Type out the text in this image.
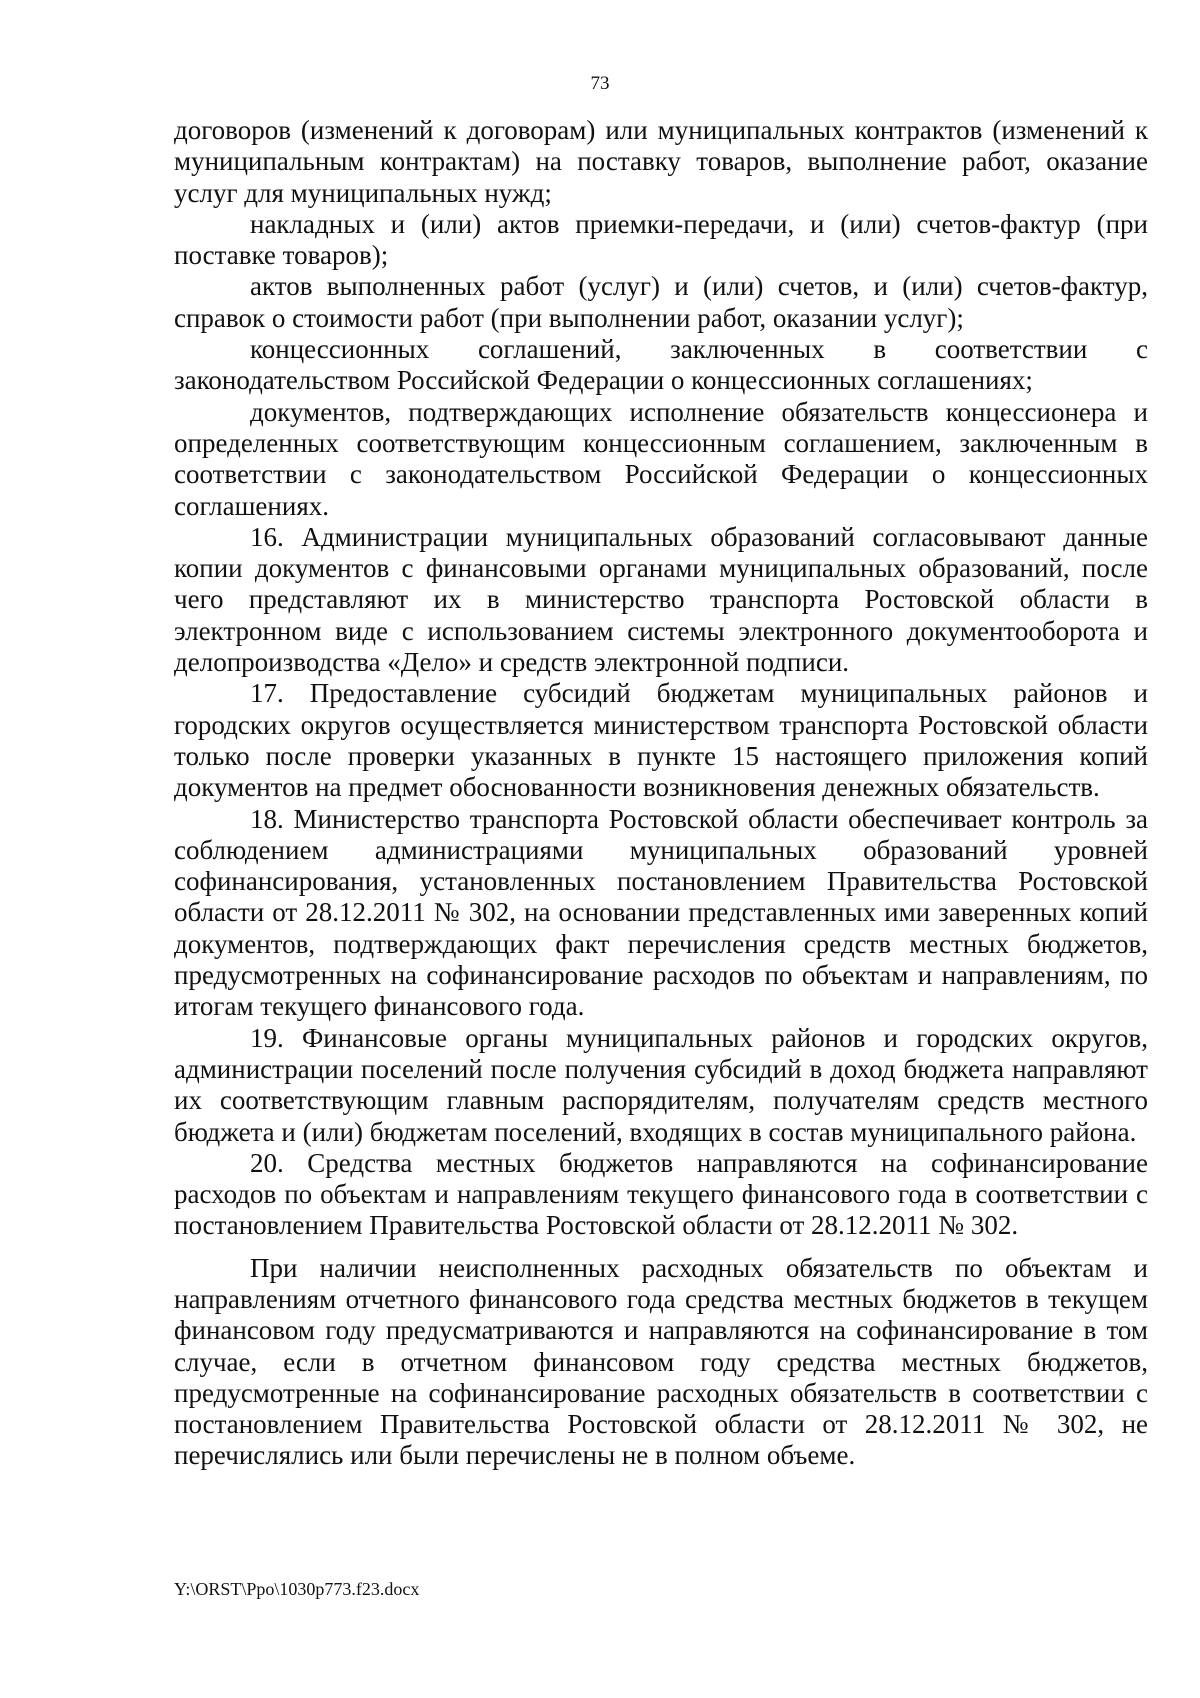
73

договоров (изменений к договорам) или муниципальных контрактов (изменений к муниципальным контрактам) на поставку товаров, выполнение работ, оказание услуг для муниципальных нужд;

накладных и (или) актов приемки-передачи, и (или) счетов-фактур (при поставке товаров);

актов выполненных работ (услуг) и (или) счетов, и (или) счетов-фактур, справок о стоимости работ (при выполнении работ, оказании услуг);

концессионных соглашений, заключенных в соответствии с законодательством Российской Федерации о концессионных соглашениях;

документов, подтверждающих исполнение обязательств концессионера и определенных соответствующим концессионным соглашением, заключенным в соответствии с законодательством Российской Федерации о концессионных соглашениях.

16. Администрации муниципальных образований согласовывают данные копии документов с финансовыми органами муниципальных образований, после чего представляют их в министерство транспорта Ростовской области в электронном виде с использованием системы электронного документооборота и делопроизводства «Дело» и средств электронной подписи.

17. Предоставление субсидий бюджетам муниципальных районов и городских округов осуществляется министерством транспорта Ростовской области только после проверки указанных в пункте 15 настоящего приложения копий документов на предмет обоснованности возникновения денежных обязательств.

18. Министерство транспорта Ростовской области обеспечивает контроль за соблюдением администрациями муниципальных образований уровней софинансирования, установленных постановлением Правительства Ростовской области от 28.12.2011 № 302, на основании представленных ими заверенных копий документов, подтверждающих факт перечисления средств местных бюджетов, предусмотренных на софинансирование расходов по объектам и направлениям, по итогам текущего финансового года.

19. Финансовые органы муниципальных районов и городских округов, администрации поселений после получения субсидий в доход бюджета направляют их соответствующим главным распорядителям, получателям средств местного бюджета и (или) бюджетам поселений, входящих в состав муниципального района.

20. Средства местных бюджетов направляются на софинансирование расходов по объектам и направлениям текущего финансового года в соответствии с постановлением Правительства Ростовской области от 28.12.2011 № 302.

При наличии неисполненных расходных обязательств по объектам и направлениям отчетного финансового года средства местных бюджетов в текущем финансовом году предусматриваются и направляются на софинансирование в том случае, если в отчетном финансовом году средства местных бюджетов, предусмотренные на софинансирование расходных обязательств в соответствии с постановлением Правительства Ростовской области от 28.12.2011 № 302, не перечислялись или были перечислены не в полном объеме.

Y:\ORST\Ppo\1030p773.f23.docx
